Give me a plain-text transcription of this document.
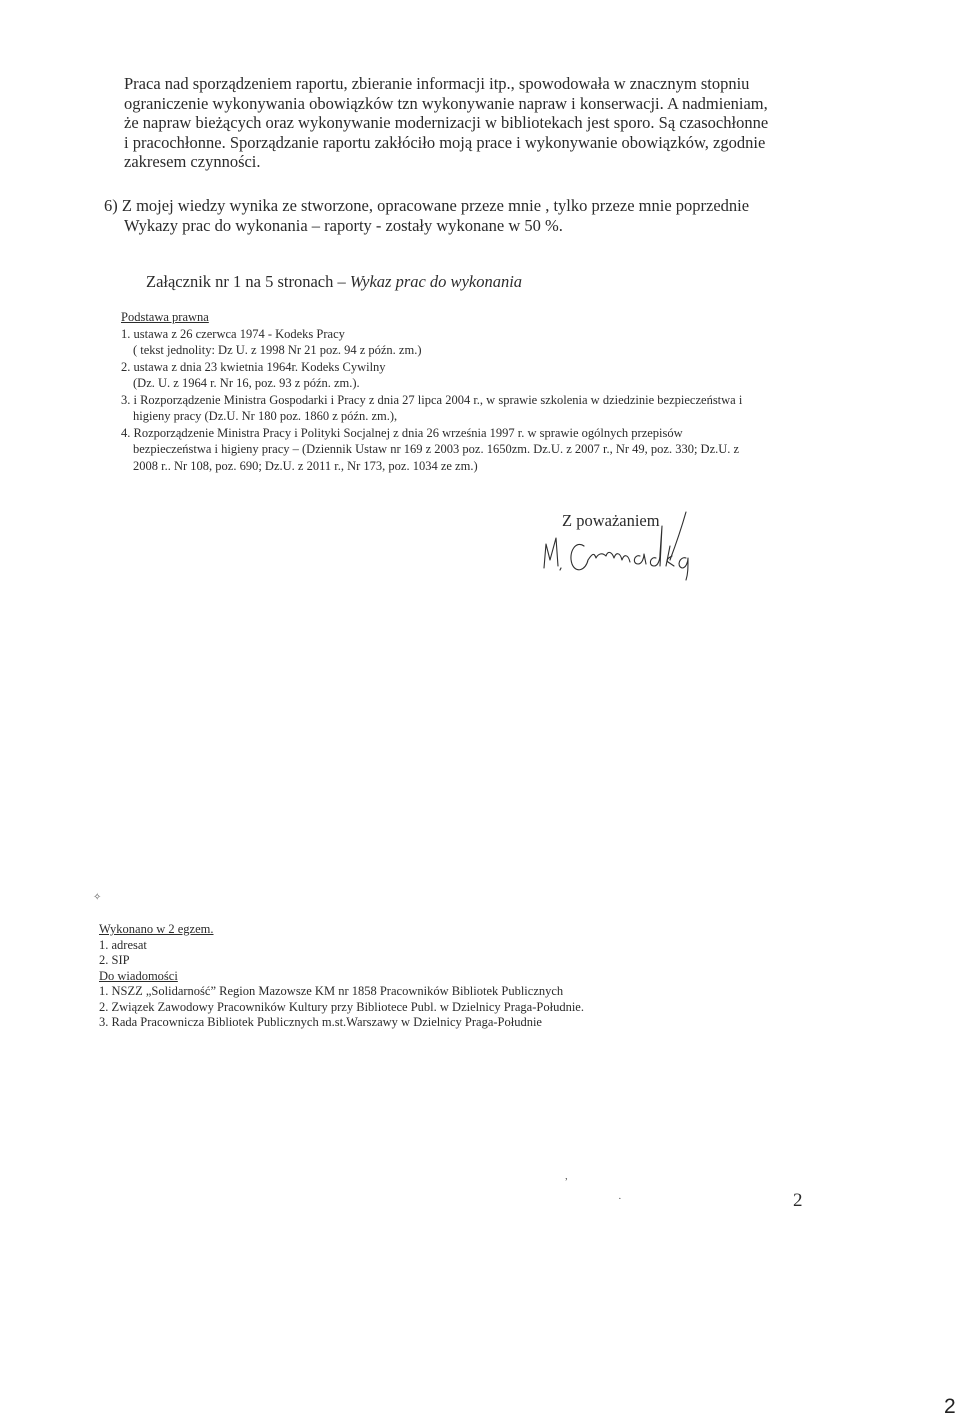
Praca nad sporządzeniem raportu, zbieranie informacji itp., spowodowała w znacznym stopniu
ograniczenie wykonywania obowiązków tzn wykonywanie napraw i konserwacji. A nadmieniam,
że napraw bieżących oraz wykonywanie modernizacji w bibliotekach jest sporo. Są czasochłonne
i pracochłonne. Sporządzanie raportu zakłóciło moją prace i wykonywanie obowiązków, zgodnie
zakresem czynności.
6) Z mojej wiedzy wynika ze stworzone, opracowane przeze mnie , tylko przeze mnie poprzednie
Wykazy prac do wykonania – raporty - zostały wykonane w 50 %.
Załącznik nr 1 na 5 stronach – Wykaz prac do wykonania
Podstawa prawna
1. ustawa z 26 czerwca 1974 - Kodeks Pracy
( tekst jednolity: Dz U. z 1998 Nr 21 poz. 94 z późn. zm.)
2. ustawa z dnia 23 kwietnia 1964r. Kodeks Cywilny
(Dz. U. z 1964 r. Nr 16, poz. 93 z późn. zm.).
3. i Rozporządzenie Ministra Gospodarki i Pracy z dnia 27 lipca 2004 r., w sprawie szkolenia w dziedzinie bezpieczeństwa i
higieny pracy (Dz.U. Nr 180 poz. 1860 z późn. zm.),
4. Rozporządzenie Ministra Pracy i Polityki Socjalnej z dnia 26 września 1997 r. w sprawie ogólnych przepisów
bezpieczeństwa i higieny pracy – (Dziennik Ustaw nr 169 z 2003 poz. 1650zm. Dz.U. z 2007 r., Nr 49, poz. 330; Dz.U. z
2008 r.. Nr 108, poz. 690; Dz.U. z 2011 r., Nr 173, poz. 1034 ze zm.)
Z poważaniem
✧
Wykonano w 2 egzem.
1. adresat
2. SIP
Do wiadomości
1. NSZZ „Solidarność” Region Mazowsze KM nr 1858 Pracowników Bibliotek Publicznych
2. Związek Zawodowy Pracowników Kultury przy Bibliotece Publ. w Dzielnicy Praga-Południe.
3. Rada Pracownicza Bibliotek Publicznych m.st.Warszawy w Dzielnicy Praga-Południe
,
·	2
2
